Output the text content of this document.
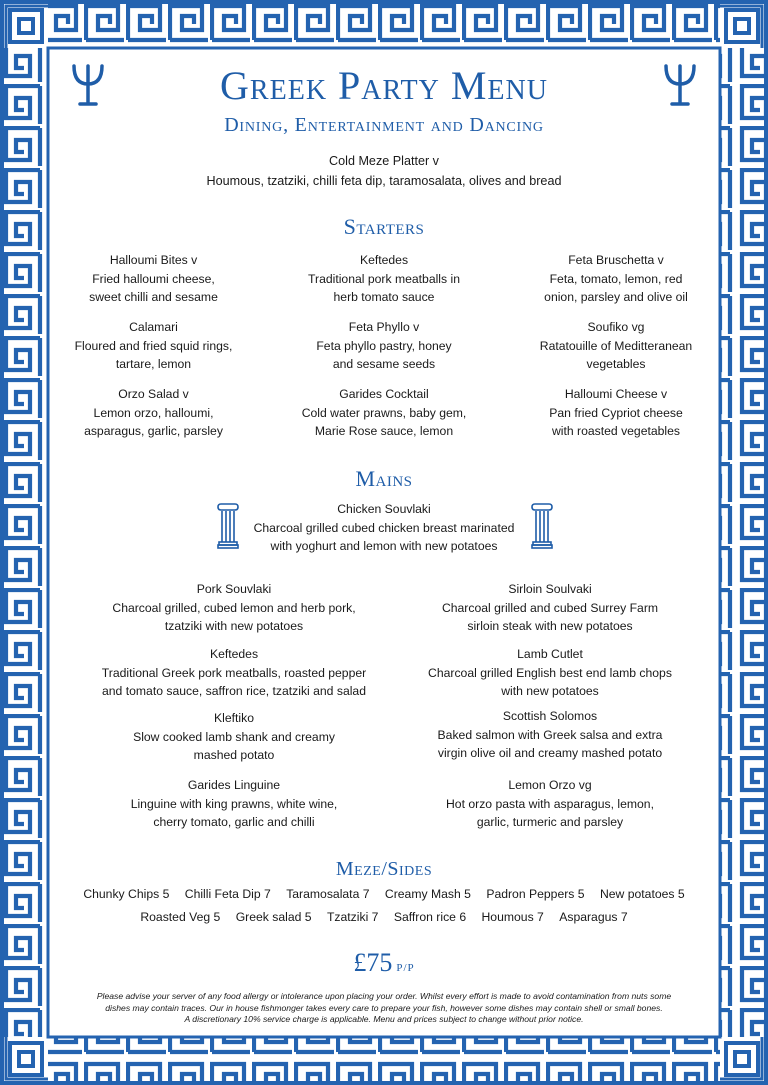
Greek Party Menu
Dining, Entertainment and Dancing
Cold Meze Platter v
Houmous, tzatziki, chilli feta dip, taramosalata, olives and bread
Starters
Halloumi Bites v
Fried halloumi cheese,
sweet chilli and sesame
Keftedes
Traditional pork meatballs in
herb tomato sauce
Feta Bruschetta v
Feta, tomato, lemon, red
onion, parsley and olive oil
Calamari
Floured and fried squid rings,
tartare, lemon
Feta Phyllo v
Feta phyllo pastry, honey
and sesame seeds
Soufiko vg
Ratatouille of Meditteranean
vegetables
Orzo Salad v
Lemon orzo, halloumi,
asparagus, garlic, parsley
Garides Cocktail
Cold water prawns, baby gem,
Marie Rose sauce, lemon
Halloumi Cheese v
Pan fried Cypriot cheese
with roasted vegetables
Mains
Chicken Souvlaki
Charcoal grilled cubed chicken breast marinated
with yoghurt and lemon with new potatoes
Pork Souvlaki
Charcoal grilled, cubed lemon and herb pork,
tzatziki with new potatoes
Sirloin Soulvaki
Charcoal grilled and cubed Surrey Farm
sirloin steak with new potatoes
Keftedes
Traditional Greek pork meatballs, roasted pepper
and tomato sauce, saffron rice, tzatziki and salad
Lamb Cutlet
Charcoal grilled English best end lamb chops
with new potatoes
Kleftiko
Slow cooked lamb shank and creamy
mashed potato
Scottish Solomos
Baked salmon with Greek salsa and extra
virgin olive oil and creamy mashed potato
Garides Linguine
Linguine with king prawns, white wine,
cherry tomato, garlic and chilli
Lemon Orzo vg
Hot orzo pasta with asparagus, lemon,
garlic, turmeric and parsley
Meze/Sides
Chunky Chips 5 Chilli Feta Dip 7 Taramosalata 7 Creamy Mash 5 Padron Peppers 5 New potatoes 5
Roasted Veg 5 Greek salad 5 Tzatziki 7 Saffron rice 6 Houmous 7 Asparagus 7
£75 P/P
Please advise your server of any food allergy or intolerance upon placing your order. Whilst every effort is made to avoid contamination from nuts some
dishes may contain traces. Our in house fishmonger takes every care to prepare your fish, however some dishes may contain shell or small bones.
A discretionary 10% service charge is applicable. Menu and prices subject to change without prior notice.
